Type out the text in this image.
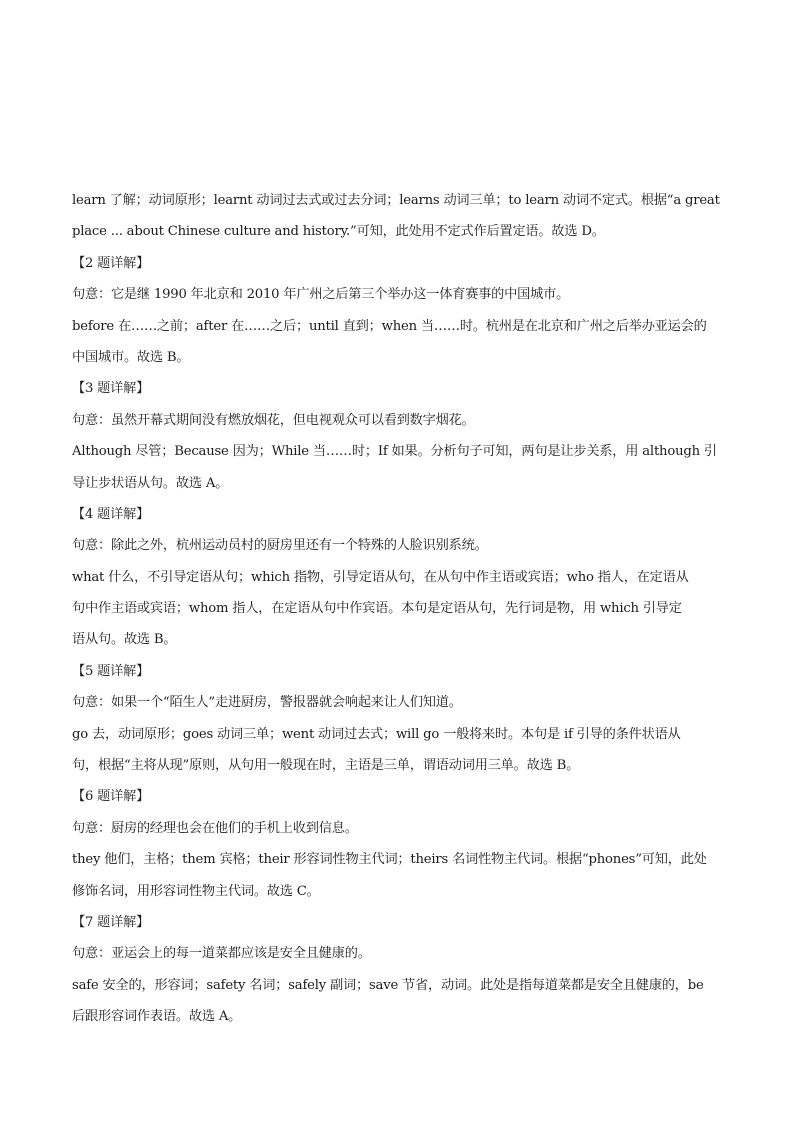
learn 了解；动词原形；learnt 动词过去式或过去分词；learns 动词三单；to learn 动词不定式。根据“a great
place ... about Chinese culture and history.”可知，此处用不定式作后置定语。故选 D。
【2 题详解】
句意：它是继 1990 年北京和 2010 年广州之后第三个举办这一体育赛事的中国城市。
before 在……之前；after 在……之后；until 直到；when 当……时。杭州是在北京和广州之后举办亚运会的
中国城市。故选 B。
【3 题详解】
句意：虽然开幕式期间没有燃放烟花，但电视观众可以看到数字烟花。
Although 尽管；Because 因为；While 当……时；If 如果。分析句子可知，两句是让步关系，用 although 引
导让步状语从句。故选 A。
【4 题详解】
句意：除此之外，杭州运动员村的厨房里还有一个特殊的人脸识别系统。
what 什么，不引导定语从句；which 指物，引导定语从句，在从句中作主语或宾语；who 指人，在定语从
句中作主语或宾语；whom 指人，在定语从句中作宾语。本句是定语从句，先行词是物，用 which 引导定
语从句。故选 B。
【5 题详解】
句意：如果一个“陌生人”走进厨房，警报器就会响起来让人们知道。
go 去，动词原形；goes 动词三单；went 动词过去式；will go 一般将来时。本句是 if 引导的条件状语从
句，根据“主将从现”原则，从句用一般现在时，主语是三单，谓语动词用三单。故选 B。
【6 题详解】
句意：厨房的经理也会在他们的手机上收到信息。
they 他们，主格；them 宾格；their 形容词性物主代词；theirs 名词性物主代词。根据“phones”可知，此处
修饰名词，用形容词性物主代词。故选 C。
【7 题详解】
句意：亚运会上的每一道菜都应该是安全且健康的。
safe 安全的，形容词；safety 名词；safely 副词；save 节省，动词。此处是指每道菜都是安全且健康的，be
后跟形容词作表语。故选 A。
